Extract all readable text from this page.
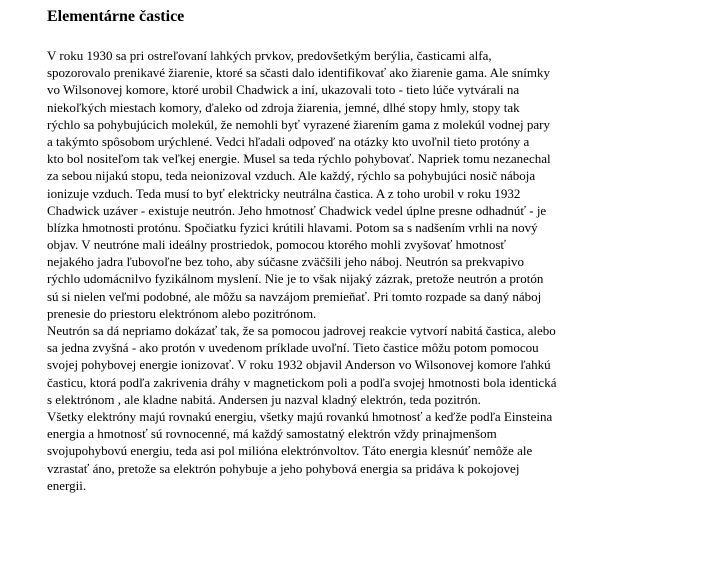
Elementárne častice
V roku 1930 sa pri ostreľovaní lahkých prvkov, predovšetkým berýlia, časticami alfa,
spozorovalo prenikavé žiarenie, ktoré sa sčasti dalo identifikovať ako žiarenie gama. Ale snímky
vo Wilsonovej komore, ktoré urobil Chadwick a iní, ukazovali toto - tieto lúče vytvárali na
niekoľkých miestach komory, ďaleko od zdroja žiarenia, jemné, dlhé stopy hmly, stopy tak
rýchlo sa pohybujúcich molekúl, že nemohli byť vyrazené žiarením gama z molekúl vodnej pary
a takýmto spôsobom urýchlené. Vedci hľadali odpoveď na otázky kto uvoľnil tieto protóny a
kto bol nositeľom tak veľkej energie. Musel sa teda rýchlo pohybovať. Napriek tomu nezanechal
za sebou nijakú stopu, teda neionizoval vzduch. Ale každý, rýchlo sa pohybujúci nosič náboja
ionizuje vzduch. Teda musí to byť elektricky neutrálna častica. A z toho urobil v roku 1932
Chadwick uzáver - existuje neutrón. Jeho hmotnosť Chadwick vedel úplne presne odhadnúť - je
blízka hmotnosti protónu. Spočiatku fyzici krútili hlavami. Potom sa s nadšením vrhli na nový
objav. V neutróne mali ideálny prostriedok, pomocou ktorého mohli zvyšovať hmotnosť
nejakého jadra ľubovoľne bez toho, aby súčasne zväčšili jeho náboj. Neutrón sa prekvapivo
rýchlo udomácnilvo fyzikálnom myslení. Nie je to však nijaký zázrak, pretože neutrón a protón
sú si nielen veľmi podobné, ale môžu sa navzájom premieňať. Pri tomto rozpade sa daný náboj
prenesie do priestoru elektrónom alebo pozitrónom.
Neutrón sa dá nepriamo dokázať tak, že sa pomocou jadrovej reakcie vytvorí nabitá častica, alebo
sa jedna zvyšná - ako protón v uvedenom príklade uvoľní. Tieto častice môžu potom pomocou
svojej pohybovej energie ionizovať. V roku 1932 objavil Anderson vo Wilsonovej komore ľahkú
časticu, ktorá podľa zakrivenia dráhy v magnetickom poli a podľa svojej hmotnosti bola identická
s elektrónom , ale kladne nabitá. Andersen ju nazval kladný elektrón, teda pozitrón.
Všetky elektróny majú rovnakú energiu, všetky majú rovankú hmotnosť a keďže podľa Einsteina
energia a hmotnosť sú rovnocenné, má každý samostatný elektrón vždy prinajmenšom
svojupohybovú energiu, teda asi pol milióna elektrónvoltov. Táto energia klesnúť nemôže ale
vzrastať áno, pretože sa elektrón pohybuje a jeho pohybová energia sa pridáva k pokojovej
energii.
